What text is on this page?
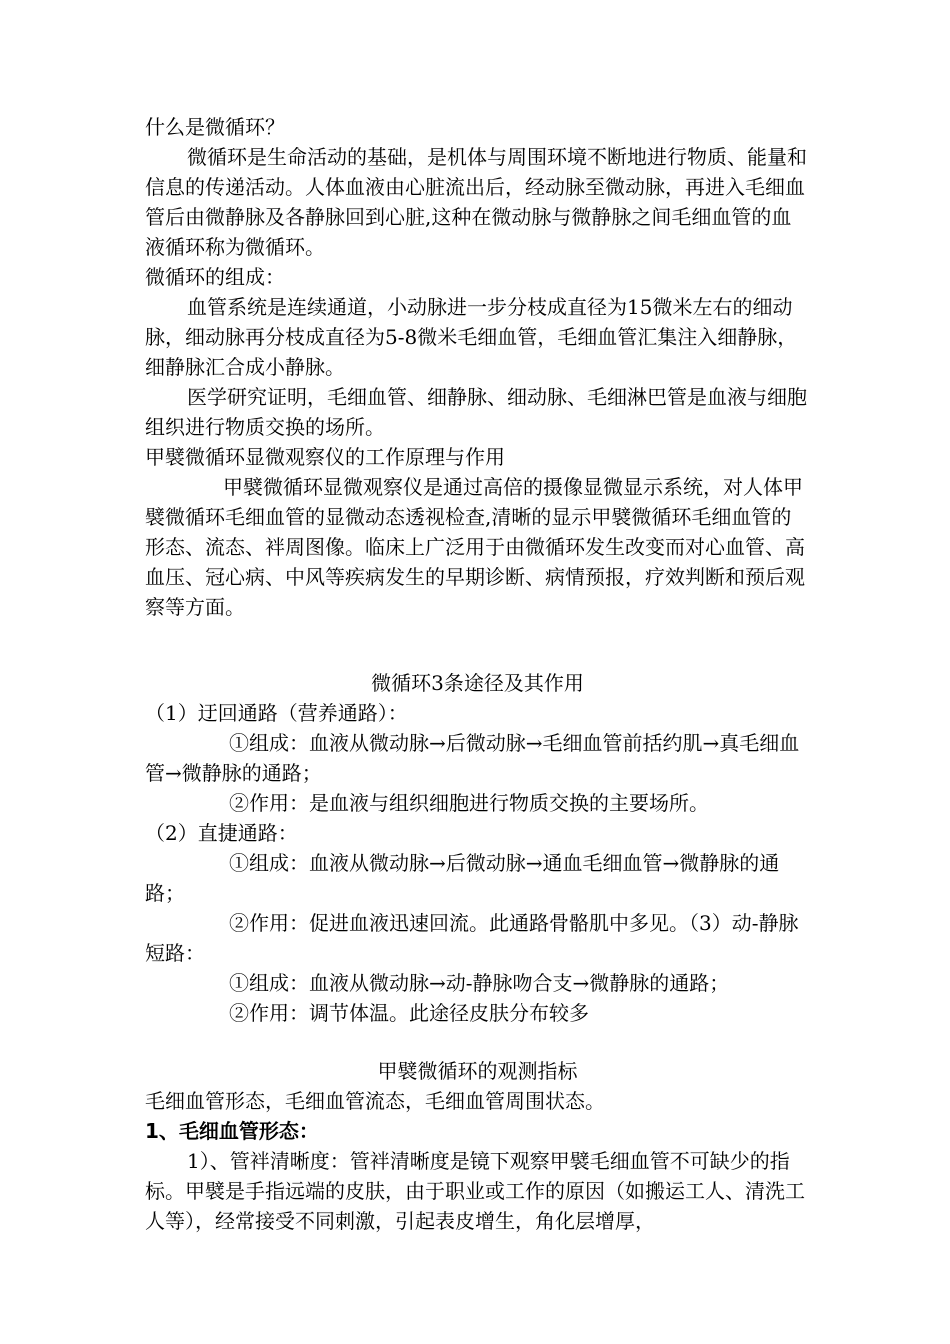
什么是微循环？

微循环是生命活动的基础，是机体与周围环境不断地进行物质、能量和信息的传递活动。人体血液由心脏流出后，经动脉至微动脉，再进入毛细血管后由微静脉及各静脉回到心脏,这种在微动脉与微静脉之间毛细血管的血液循环称为微循环。

微循环的组成：

血管系统是连续通道，小动脉进一步分枝成直径为15微米左右的细动脉，细动脉再分枝成直径为5-8微米毛细血管，毛细血管汇集注入细静脉，细静脉汇合成小静脉。

医学研究证明，毛细血管、细静脉、细动脉、毛细淋巴管是血液与细胞组织进行物质交换的场所。

甲襞微循环显微观察仪的工作原理与作用

甲襞微循环显微观察仪是通过高倍的摄像显微显示系统，对人体甲襞微循环毛细血管的显微动态透视检查,清晰的显示甲襞微循环毛细血管的形态、流态、袢周图像。临床上广泛用于由微循环发生改变而对心血管、高血压、冠心病、中风等疾病发生的早期诊断、病情预报，疗效判断和预后观察等方面。

微循环3条途径及其作用

（1）迂回通路（营养通路）：

①组成：血液从微动脉→后微动脉→毛细血管前括约肌→真毛细血管→微静脉的通路；

②作用：是血液与组织细胞进行物质交换的主要场所。

（2）直捷通路：

①组成：血液从微动脉→后微动脉→通血毛细血管→微静脉的通路；

②作用：促进血液迅速回流。此通路骨骼肌中多见。（3）动-静脉短路：

①组成：血液从微动脉→动-静脉吻合支→微静脉的通路；

②作用：调节体温。此途径皮肤分布较多

甲襞微循环的观测指标

毛细血管形态，毛细血管流态，毛细血管周围状态。

1、毛细血管形态：

1）、管袢清晰度：管袢清晰度是镜下观察甲襞毛细血管不可缺少的指标。甲襞是手指远端的皮肤，由于职业或工作的原因（如搬运工人、清洗工人等），经常接受不同刺激，引起表皮增生，角化层增厚，
